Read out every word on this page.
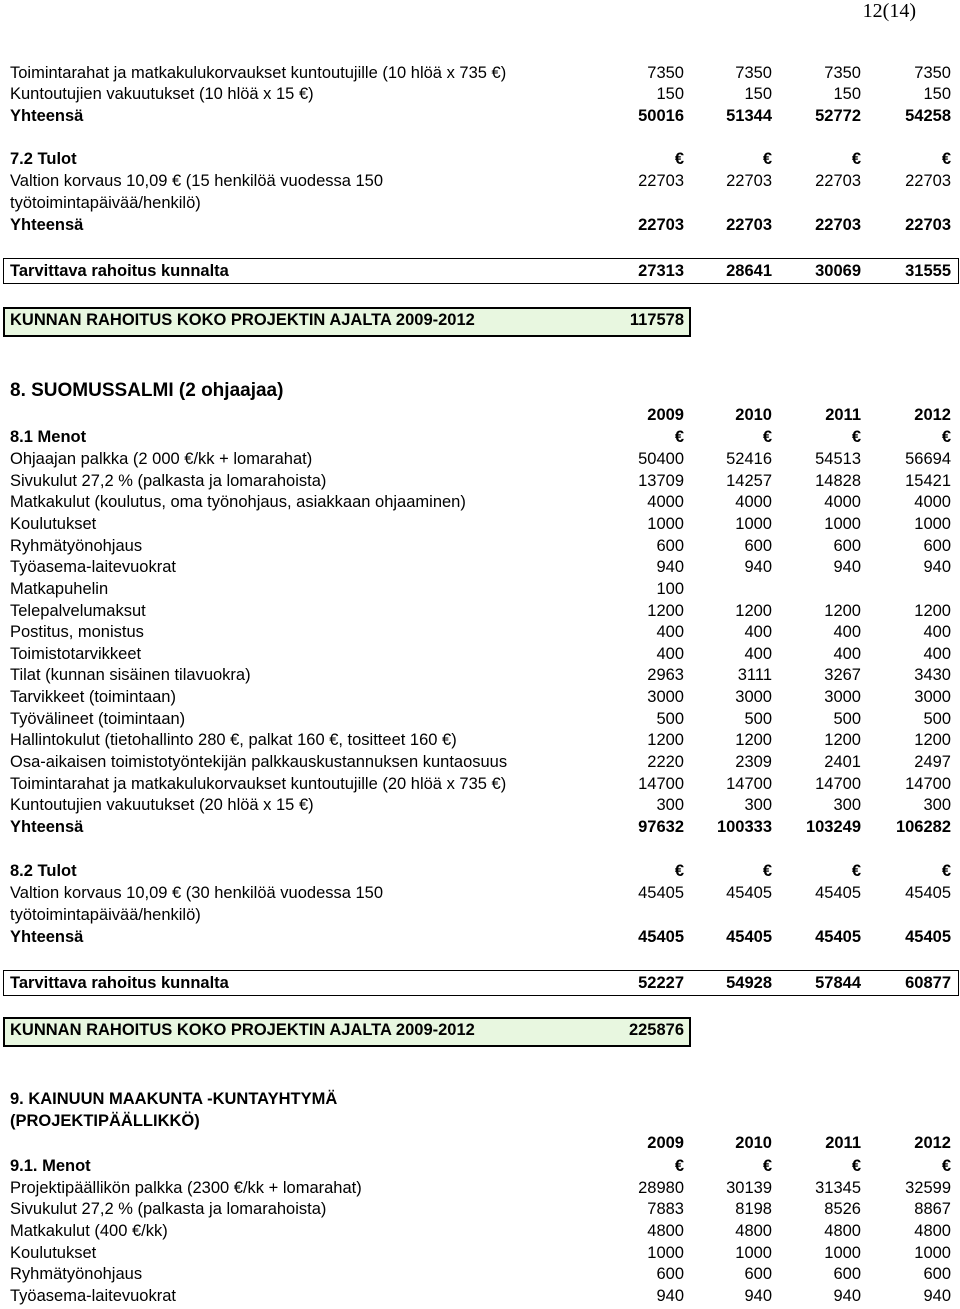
12(14)
Toimintarahat ja matkakulukorvaukset kuntoutujille (10 hlöä x 735 €)	7350	7350	7350	7350
Kuntoutujien vakuutukset (10 hlöä x 15 €)	150	150	150	150
Yhteensä	50016	51344	52772	54258
7.2 Tulot	€	€	€	€
Valtion korvaus 10,09 € (15 henkilöä vuodessa 150	22703	22703	22703	22703
työtoimintapäivää/henkilö)
Yhteensä	22703	22703	22703	22703
Tarvittava rahoitus kunnalta	27313	28641	30069	31555
KUNNAN RAHOITUS KOKO PROJEKTIN AJALTA 2009-2012	117578
8. SUOMUSSALMI (2 ohjaajaa)
2009	2010	2011	2012
8.1 Menot	€	€	€	€
Ohjaajan palkka (2 000 €/kk + lomarahat)	50400	52416	54513	56694
Sivukulut 27,2 % (palkasta ja lomarahoista)	13709	14257	14828	15421
Matkakulut (koulutus, oma työnohjaus, asiakkaan ohjaaminen)	4000	4000	4000	4000
Koulutukset	1000	1000	1000	1000
Ryhmätyönohjaus	600	600	600	600
Työasema-laitevuokrat	940	940	940	940
Matkapuhelin	100
Telepalvelumaksut	1200	1200	1200	1200
Postitus, monistus	400	400	400	400
Toimistotarvikkeet	400	400	400	400
Tilat (kunnan sisäinen tilavuokra)	2963	3111	3267	3430
Tarvikkeet (toimintaan)	3000	3000	3000	3000
Työvälineet (toimintaan)	500	500	500	500
Hallintokulut (tietohallinto 280 €, palkat 160 €, tositteet 160 €)	1200	1200	1200	1200
Osa-aikaisen toimistotyöntekijän palkkauskustannuksen kuntaosuus	2220	2309	2401	2497
Toimintarahat ja matkakulukorvaukset kuntoutujille (20 hlöä x 735 €)	14700	14700	14700	14700
Kuntoutujien vakuutukset (20 hlöä x 15 €)	300	300	300	300
Yhteensä	97632	100333	103249	106282
8.2 Tulot	€	€	€	€
Valtion korvaus 10,09 € (30 henkilöä vuodessa 150	45405	45405	45405	45405
työtoimintapäivää/henkilö)
Yhteensä	45405	45405	45405	45405
Tarvittava rahoitus kunnalta	52227	54928	57844	60877
KUNNAN RAHOITUS KOKO PROJEKTIN AJALTA 2009-2012	225876
9. KAINUUN MAAKUNTA -KUNTAYHTYMÄ
(PROJEKTIPÄÄLLIKKÖ)
2009	2010	2011	2012
9.1. Menot	€	€	€	€
Projektipäällikön palkka (2300 €/kk + lomarahat)	28980	30139	31345	32599
Sivukulut 27,2 % (palkasta ja lomarahoista)	7883	8198	8526	8867
Matkakulut (400 €/kk)	4800	4800	4800	4800
Koulutukset	1000	1000	1000	1000
Ryhmätyönohjaus	600	600	600	600
Työasema-laitevuokrat	940	940	940	940
